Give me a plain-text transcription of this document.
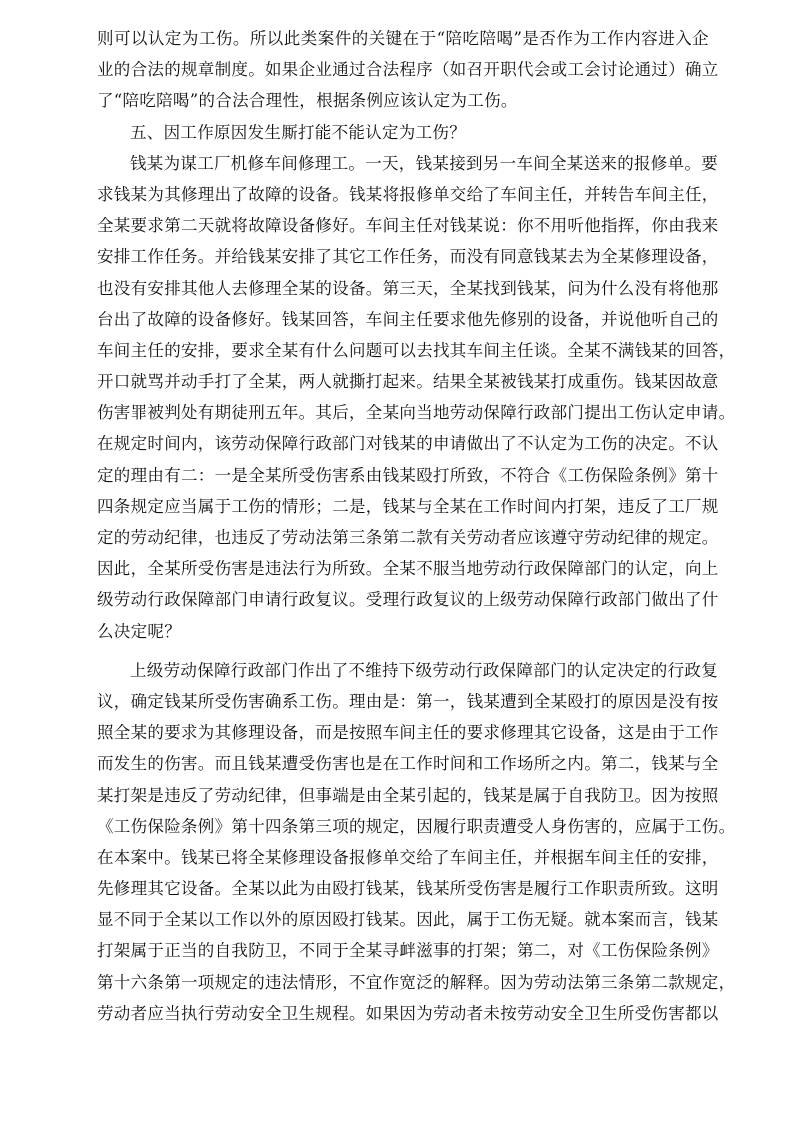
则可以认定为工伤。所以此类案件的关键在于“陪吃陪喝”是否作为工作内容进入企
业的合法的规章制度。如果企业通过合法程序（如召开职代会或工会讨论通过）确立
了“陪吃陪喝”的合法合理性，根据条例应该认定为工伤。
五、因工作原因发生厮打能不能认定为工伤？
钱某为谋工厂机修车间修理工。一天，钱某接到另一车间全某送来的报修单。要
求钱某为其修理出了故障的设备。钱某将报修单交给了车间主任，并转告车间主任，
全某要求第二天就将故障设备修好。车间主任对钱某说：你不用听他指挥，你由我来
安排工作任务。并给钱某安排了其它工作任务，而没有同意钱某去为全某修理设备，
也没有安排其他人去修理全某的设备。第三天，全某找到钱某，问为什么没有将他那
台出了故障的设备修好。钱某回答，车间主任要求他先修别的设备，并说他听自己的
车间主任的安排，要求全某有什么问题可以去找其车间主任谈。全某不满钱某的回答，
开口就骂并动手打了全某，两人就撕打起来。结果全某被钱某打成重伤。钱某因故意
伤害罪被判处有期徒刑五年。其后，全某向当地劳动保障行政部门提出工伤认定申请。
在规定时间内，该劳动保障行政部门对钱某的申请做出了不认定为工伤的决定。不认
定的理由有二：一是全某所受伤害系由钱某殴打所致，不符合《工伤保险条例》第十
四条规定应当属于工伤的情形；二是，钱某与全某在工作时间内打架，违反了工厂规
定的劳动纪律，也违反了劳动法第三条第二款有关劳动者应该遵守劳动纪律的规定。
因此，全某所受伤害是违法行为所致。全某不服当地劳动行政保障部门的认定，向上
级劳动行政保障部门申请行政复议。受理行政复议的上级劳动保障行政部门做出了什
么决定呢？
上级劳动保障行政部门作出了不维持下级劳动行政保障部门的认定决定的行政复
议，确定钱某所受伤害确系工伤。理由是：第一，钱某遭到全某殴打的原因是没有按
照全某的要求为其修理设备，而是按照车间主任的要求修理其它设备，这是由于工作
而发生的伤害。而且钱某遭受伤害也是在工作时间和工作场所之内。第二，钱某与全
某打架是违反了劳动纪律，但事端是由全某引起的，钱某是属于自我防卫。因为按照
《工伤保险条例》第十四条第三项的规定，因履行职责遭受人身伤害的，应属于工伤。
在本案中。钱某已将全某修理设备报修单交给了车间主任，并根据车间主任的安排，
先修理其它设备。全某以此为由殴打钱某，钱某所受伤害是履行工作职责所致。这明
显不同于全某以工作以外的原因殴打钱某。因此，属于工伤无疑。就本案而言，钱某
打架属于正当的自我防卫，不同于全某寻衅滋事的打架；第二，对《工伤保险条例》
第十六条第一项规定的违法情形，不宜作宽泛的解释。因为劳动法第三条第二款规定，
劳动者应当执行劳动安全卫生规程。如果因为劳动者未按劳动安全卫生所受伤害都以
